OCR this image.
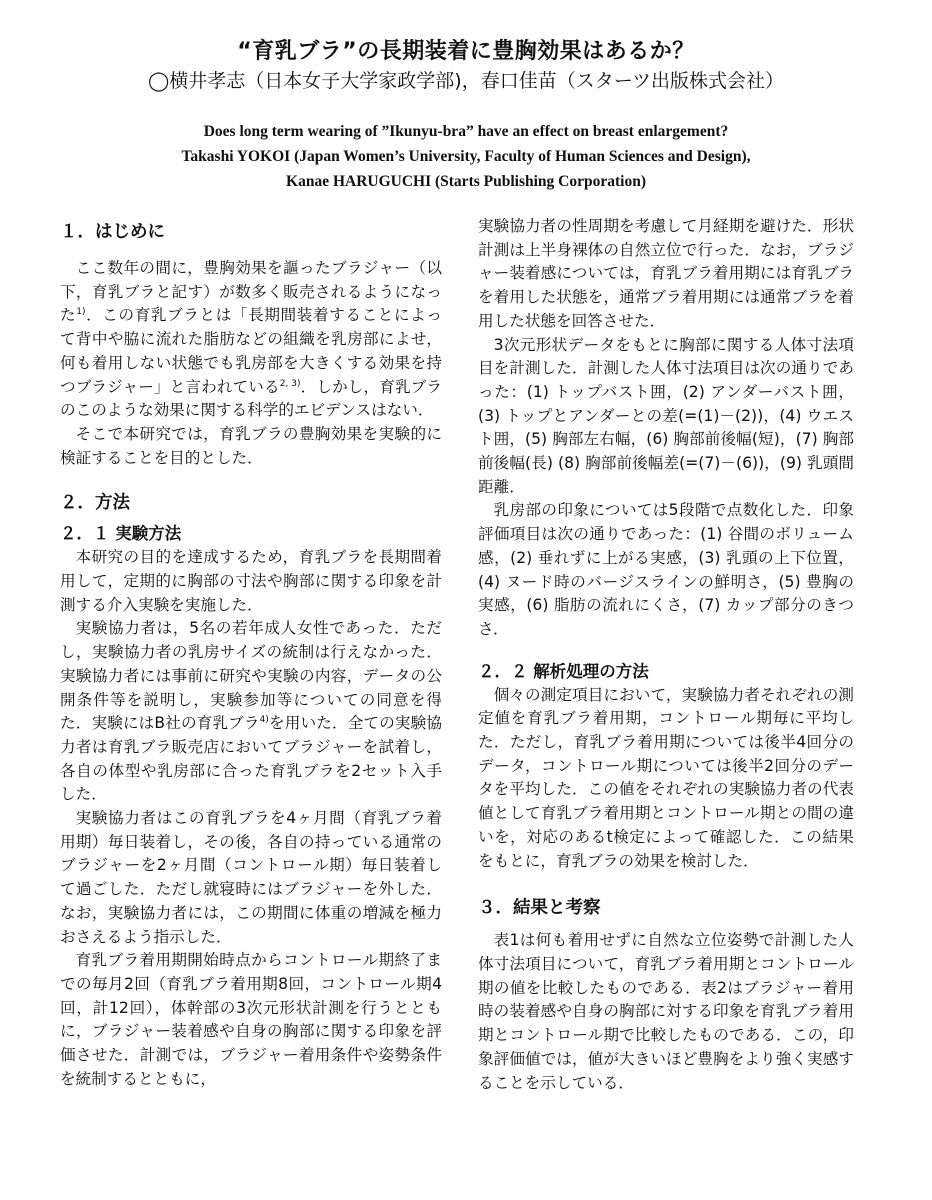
“育乳ブラ”の長期装着に豊胸効果はあるか？
◯横井孝志（日本女子大学家政学部)，春口佳苗（スターツ出版株式会社）
Does long term wearing of ”Ikunyu-bra” have an effect on breast enlargement?
Takashi YOKOI (Japan Women’s University, Faculty of Human Sciences and Design),
Kanae HARUGUCHI (Starts Publishing Corporation)
１．はじめに

ここ数年の間に，豊胸効果を謳ったブラジャー（以下，育乳ブラと記す）が数多く販売されるようになった$^{1)}$．この育乳ブラとは「長期間装着することによって背中や脇に流れた脂肪などの組織を乳房部によせ，何も着用しない状態でも乳房部を大きくする効果を持つブラジャー」と言われている$^{2, 3)}$．しかし，育乳ブラのこのような効果に関する科学的エビデンスはない．

そこで本研究では，育乳ブラの豊胸効果を実験的に検証することを目的とした．

２．方法
２．１ 実験方法

本研究の目的を達成するため，育乳ブラを長期間着用して，定期的に胸部の寸法や胸部に関する印象を計測する介入実験を実施した．

実験協力者は，5名の若年成人女性であった．ただし，実験協力者の乳房サイズの統制は行えなかった．実験協力者には事前に研究や実験の内容，データの公開条件等を説明し，実験参加等についての同意を得た．実験にはB社の育乳ブラ$^{4)}$を用いた．全ての実験協力者は育乳ブラ販売店においてブラジャーを試着し，各自の体型や乳房部に合った育乳ブラを2セット入手した．

実験協力者はこの育乳ブラを4ヶ月間（育乳ブラ着用期）毎日装着し，その後，各自の持っている通常のブラジャーを2ヶ月間（コントロール期）毎日装着して過ごした．ただし就寝時にはブラジャーを外した．なお，実験協力者には，この期間に体重の増減を極力おさえるよう指示した．

育乳ブラ着用期開始時点からコントロール期終了までの毎月2回（育乳ブラ着用期8回，コントロール期4回，計12回），体幹部の3次元形状計測を行うとともに，ブラジャー装着感や自身の胸部に関する印象を評価させた．計測では，ブラジャー着用条件や姿勢条件を統制するとともに，

実験協力者の性周期を考慮して月経期を避けた．形状計測は上半身裸体の自然立位で行った．なお，ブラジャー装着感については，育乳ブラ着用期には育乳ブラを着用した状態を，通常ブラ着用期には通常ブラを着用した状態を回答させた．

3次元形状データをもとに胸部に関する人体寸法項目を計測した．計測した人体寸法項目は次の通りであった：(1) トップバスト囲，(2) アンダーバスト囲，(3) トップとアンダーとの差(=(1)－(2))，(4) ウエスト囲，(5) 胸部左右幅，(6) 胸部前後幅(短)，(7) 胸部前後幅(長) (8) 胸部前後幅差(=(7)－(6))，(9) 乳頭間距離．

乳房部の印象については5段階で点数化した．印象評価項目は次の通りであった：(1) 谷間のボリューム感，(2) 垂れずに上がる実感，(3) 乳頭の上下位置，(4) ヌード時のバージスラインの鮮明さ，(5) 豊胸の実感，(6) 脂肪の流れにくさ，(7) カップ部分のきつさ．

２．２ 解析処理の方法

個々の測定項目において，実験協力者それぞれの測定値を育乳ブラ着用期，コントロール期毎に平均した．ただし，育乳ブラ着用期については後半4回分のデータ，コントロール期については後半2回分のデータを平均した．この値をそれぞれの実験協力者の代表値として育乳ブラ着用期とコントロール期との間の違いを，対応のあるt検定によって確認した．この結果をもとに，育乳ブラの効果を検討した．

３．結果と考察

表1は何も着用せずに自然な立位姿勢で計測した人体寸法項目について，育乳ブラ着用期とコントロール期の値を比較したものである．表2はブラジャー着用時の装着感や自身の胸部に対する印象を育乳ブラ着用期とコントロール期で比較したものである．この，印象評価値では，値が大きいほど豊胸をより強く実感することを示している．
